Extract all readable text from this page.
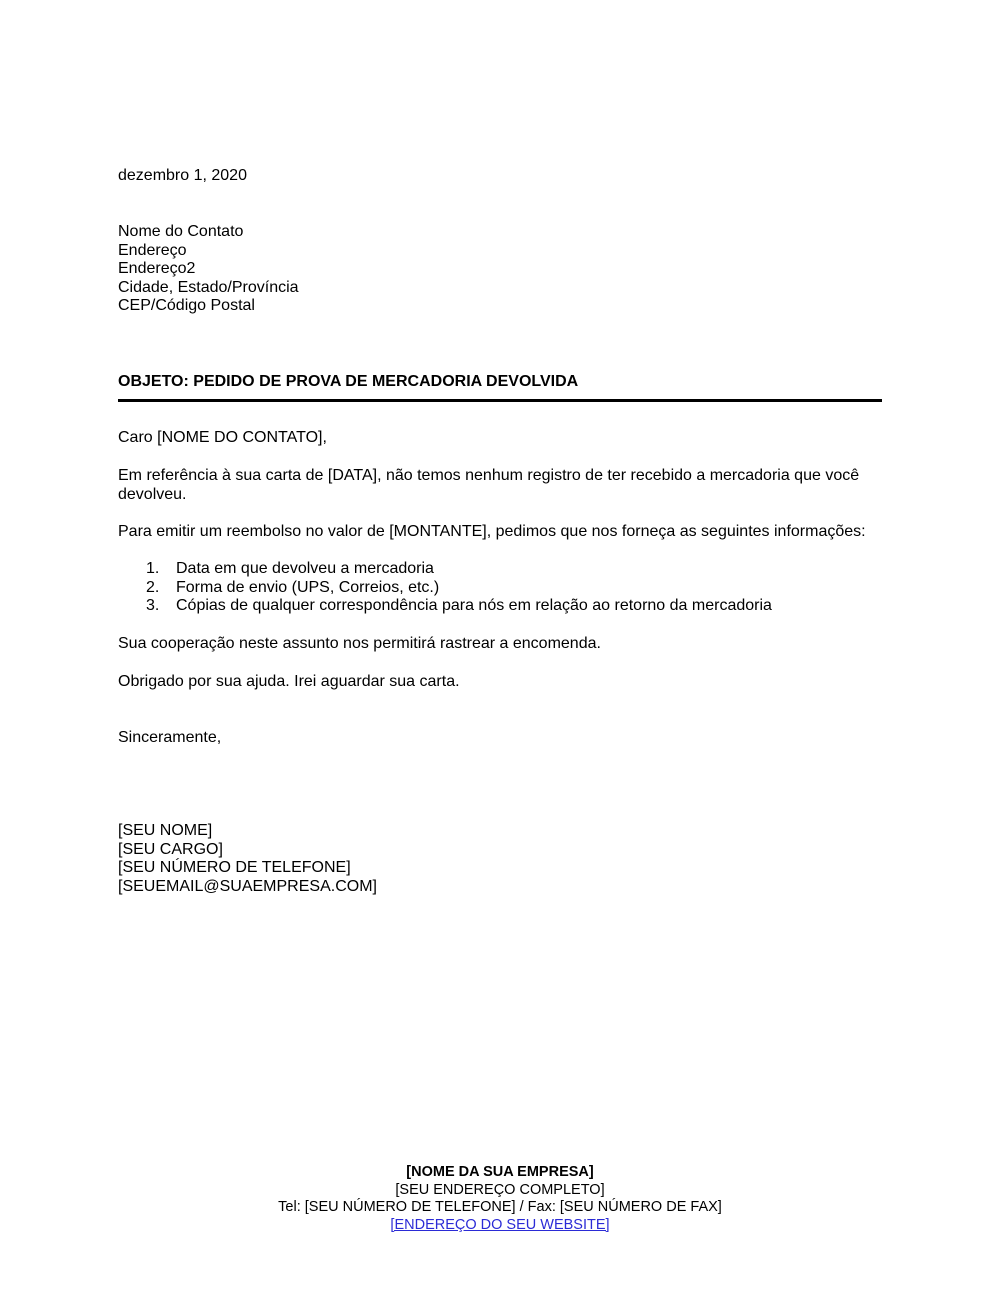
dezembro 1, 2020
Nome do Contato
Endereço
Endereço2
Cidade, Estado/Província
CEP/Código Postal
OBJETO: PEDIDO DE PROVA DE MERCADORIA DEVOLVIDA
Caro [NOME DO CONTATO],
Em referência à sua carta de [DATA], não temos nenhum registro de ter recebido a mercadoria que você devolveu.
Para emitir um reembolso no valor de [MONTANTE], pedimos que nos forneça as seguintes informações:
1. Data em que devolveu a mercadoria
2. Forma de envio (UPS, Correios, etc.)
3. Cópias de qualquer correspondência para nós em relação ao retorno da mercadoria
Sua cooperação neste assunto nos permitirá rastrear a encomenda.
Obrigado por sua ajuda. Irei aguardar sua carta.
Sinceramente,
[SEU NOME]
[SEU CARGO]
[SEU NÚMERO DE TELEFONE]
[SEUEMAIL@SUAEMPRESA.COM]
[NOME DA SUA EMPRESA]
[SEU ENDEREÇO COMPLETO]
Tel: [SEU NÚMERO DE TELEFONE] / Fax: [SEU NÚMERO DE FAX]
[ENDEREÇO DO SEU WEBSITE]
